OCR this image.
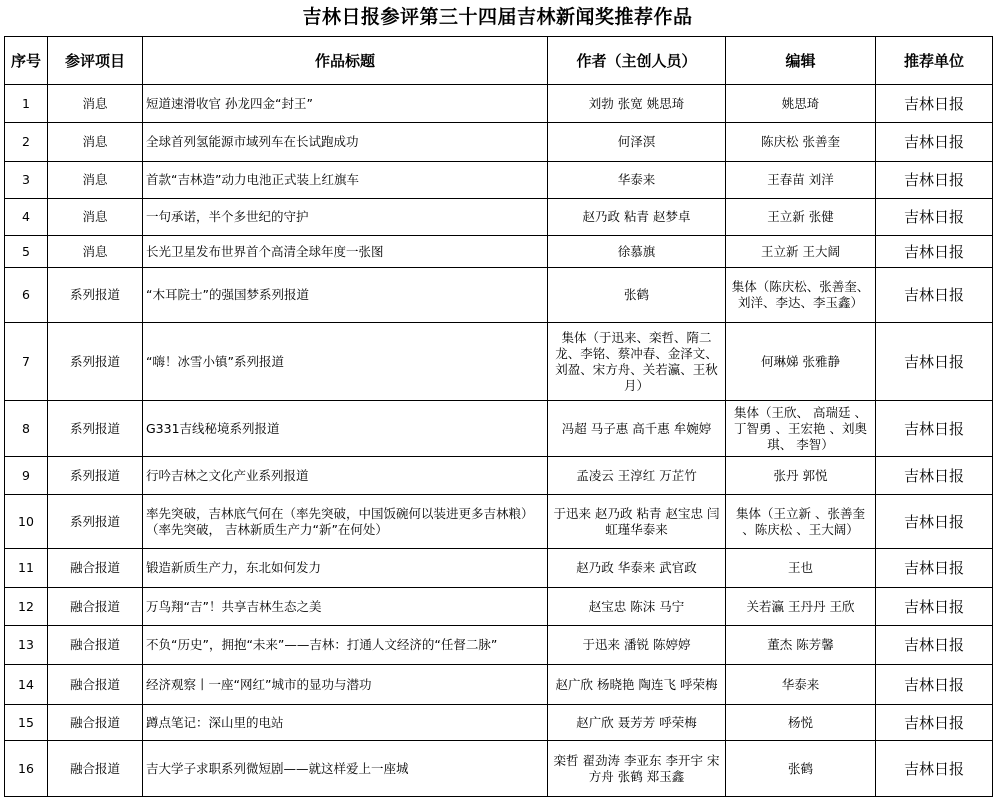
吉林日报参评第三十四届吉林新闻奖推荐作品
序号	参评项目	作品标题	作者（主创人员）	编辑	推荐单位
1	消息	短道速滑收官 孙龙四金“封王”	刘勃 张宽 姚思琦	姚思琦	吉林日报
2	消息	全球首列氢能源市域列车在长试跑成功	何泽溟	陈庆松 张善奎	吉林日报
3	消息	首款“吉林造”动力电池正式装上红旗车	华泰来	王春苗 刘洋	吉林日报
4	消息	一句承诺，半个多世纪的守护	赵乃政 粘青 赵梦卓	王立新 张健	吉林日报
5	消息	长光卫星发布世界首个高清全球年度一张图	徐慕旗	王立新 王大阔	吉林日报
6	系列报道	“木耳院士”的强国梦系列报道	张鹤	集体（陈庆松、张善奎、刘洋、李达、李玉鑫）	吉林日报
7	系列报道	“嗨！冰雪小镇”系列报道	集体（于迅来、栾哲、隋二龙、李铭、蔡冲春、金泽文、刘盈、宋方舟、关若瀛、王秋月）	何琳娣 张雅静	吉林日报
8	系列报道	G331吉线秘境系列报道	冯超 马子惠 高千惠 牟婉婷	集体（王欣、 高瑞廷 、丁智勇 、王宏艳 、刘奥琪、 李智）	吉林日报
9	系列报道	行吟吉林之文化产业系列报道	孟凌云 王淳红 万芷竹	张丹 郭悦	吉林日报
10	系列报道	率先突破，吉林底气何在（率先突破，中国饭碗何以装进更多吉林粮）（率先突破， 吉林新质生产力“新”在何处）	于迅来 赵乃政 粘青 赵宝忠 闫虹瑾华泰来	集体（王立新 、张善奎 、陈庆松 、王大阔）	吉林日报
11	融合报道	锻造新质生产力，东北如何发力	赵乃政 华泰来 武官政	王也	吉林日报
12	融合报道	万鸟翔“吉”！共享吉林生态之美	赵宝忠 陈沫 马宁	关若瀛 王丹丹 王欣	吉林日报
13	融合报道	不负“历史”，拥抱“未来”——吉林：打通人文经济的“任督二脉”	于迅来 潘锐 陈婷婷	董杰 陈芳馨	吉林日报
14	融合报道	经济观察丨一座“网红”城市的显功与潜功	赵广欣 杨晓艳 陶连飞 呼荣梅	华泰来	吉林日报
15	融合报道	蹲点笔记：深山里的电站	赵广欣 聂芳芳 呼荣梅	杨悦	吉林日报
16	融合报道	吉大学子求职系列微短剧——就这样爱上一座城	栾哲 翟劲涛 李亚东 李开宇 宋方舟 张鹤 郑玉鑫	张鹤	吉林日报
